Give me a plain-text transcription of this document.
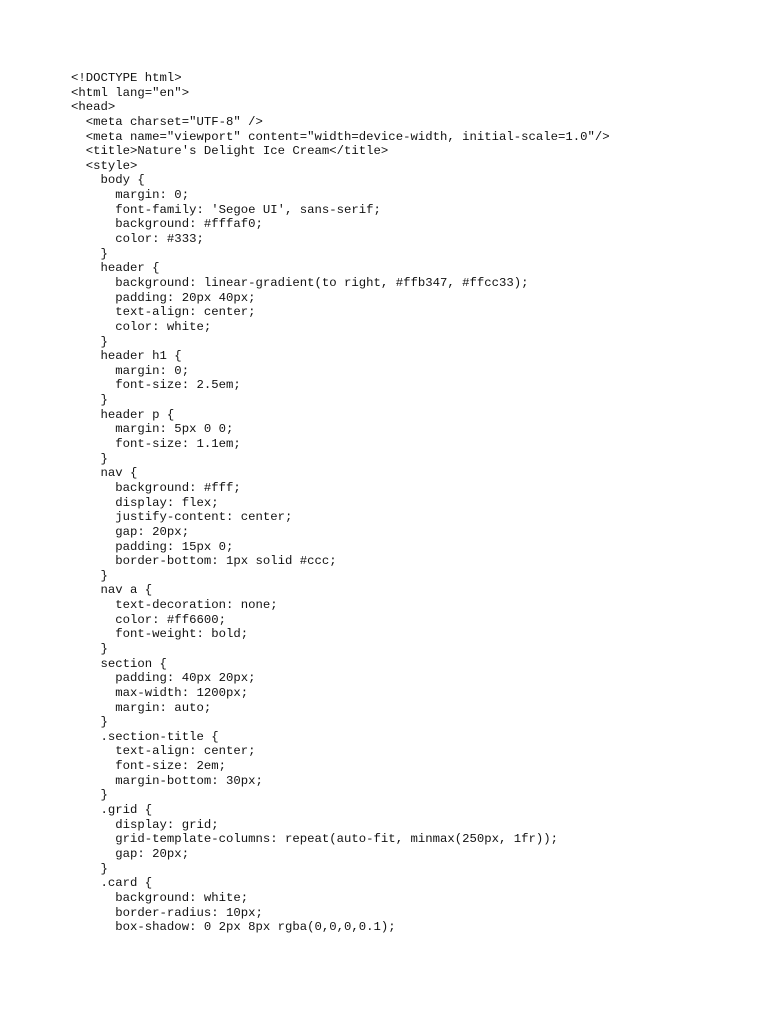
<!DOCTYPE html>
<html lang="en">
<head>
<meta charset="UTF-8" />
<meta name="viewport" content="width=device-width, initial-scale=1.0"/>
<title>Nature's Delight Ice Cream</title>
<style>
body {
margin: 0;
font-family: 'Segoe UI', sans-serif;
background: #fffaf0;
color: #333;
}
header {
background: linear-gradient(to right, #ffb347, #ffcc33);
padding: 20px 40px;
text-align: center;
color: white;
}
header h1 {
margin: 0;
font-size: 2.5em;
}
header p {
margin: 5px 0 0;
font-size: 1.1em;
}
nav {
background: #fff;
display: flex;
justify-content: center;
gap: 20px;
padding: 15px 0;
border-bottom: 1px solid #ccc;
}
nav a {
text-decoration: none;
color: #ff6600;
font-weight: bold;
}
section {
padding: 40px 20px;
max-width: 1200px;
margin: auto;
}
.section-title {
text-align: center;
font-size: 2em;
margin-bottom: 30px;
}
.grid {
display: grid;
grid-template-columns: repeat(auto-fit, minmax(250px, 1fr));
gap: 20px;
}
.card {
background: white;
border-radius: 10px;
box-shadow: 0 2px 8px rgba(0,0,0,0.1);
